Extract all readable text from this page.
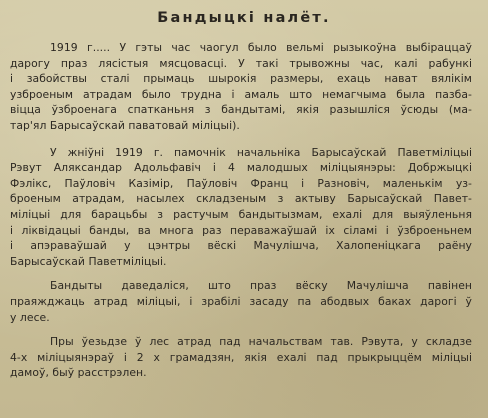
Бандыцкі налёт.
1919 г..... У гэты час чаогул было вельмі рызыкоўна выбіраццаў
дарогу праз лясістыя мясцовасці. У такі трывожны час, калі рабункі
і забойствы сталі прымаць шырокія размеры, ехаць нават вялікім
узброеным атрадам было трудна і амаль што немагчыма была пазба-
віцца ўзброенага спатканьня з бандытамі, якія разышліся ўсюды (ма-
тар'ял Барысаўскай паватовай міліцыі).
У жніўні 1919 г. памочнік начальніка Барысаўскай Паветміліцыі
Рэвут Аляксандар Адольфавіч і 4 малодшых міліцыянэры: Добржыцкі
Фэлікс, Паўловіч Казімір, Паўловіч Франц і Разновіч, маленькім уз-
броеным атрадам, насылех складзеным з актыву Барысаўскай Павет-
міліцыі для барацьбы з растучым бандытызмам, ехалі для выяўленьня
і ліквідацыі банды, ва многа раз пераважаўшай іх сіламі і ўзброеньнем
і апэраваўшай у цэнтры вёскі Мачулішча, Халопеніцкага раёну
Барысаўскай Паветміліцыі.
Бандыты даведаліся, што праз вёску Мачулішча павінен
праяжджаць атрад міліцыі, і зрабілі засаду па абодвых баках дарогі ў
у лесе.
Пры ўезьдзе ў лес атрад пад начальствам тав. Рэвута, у складзе
4-х міліцыянэраў і 2 х грамадзян, якія ехалі пад прыкрыццём міліцыі
дамоў, быў расстрэлен.
